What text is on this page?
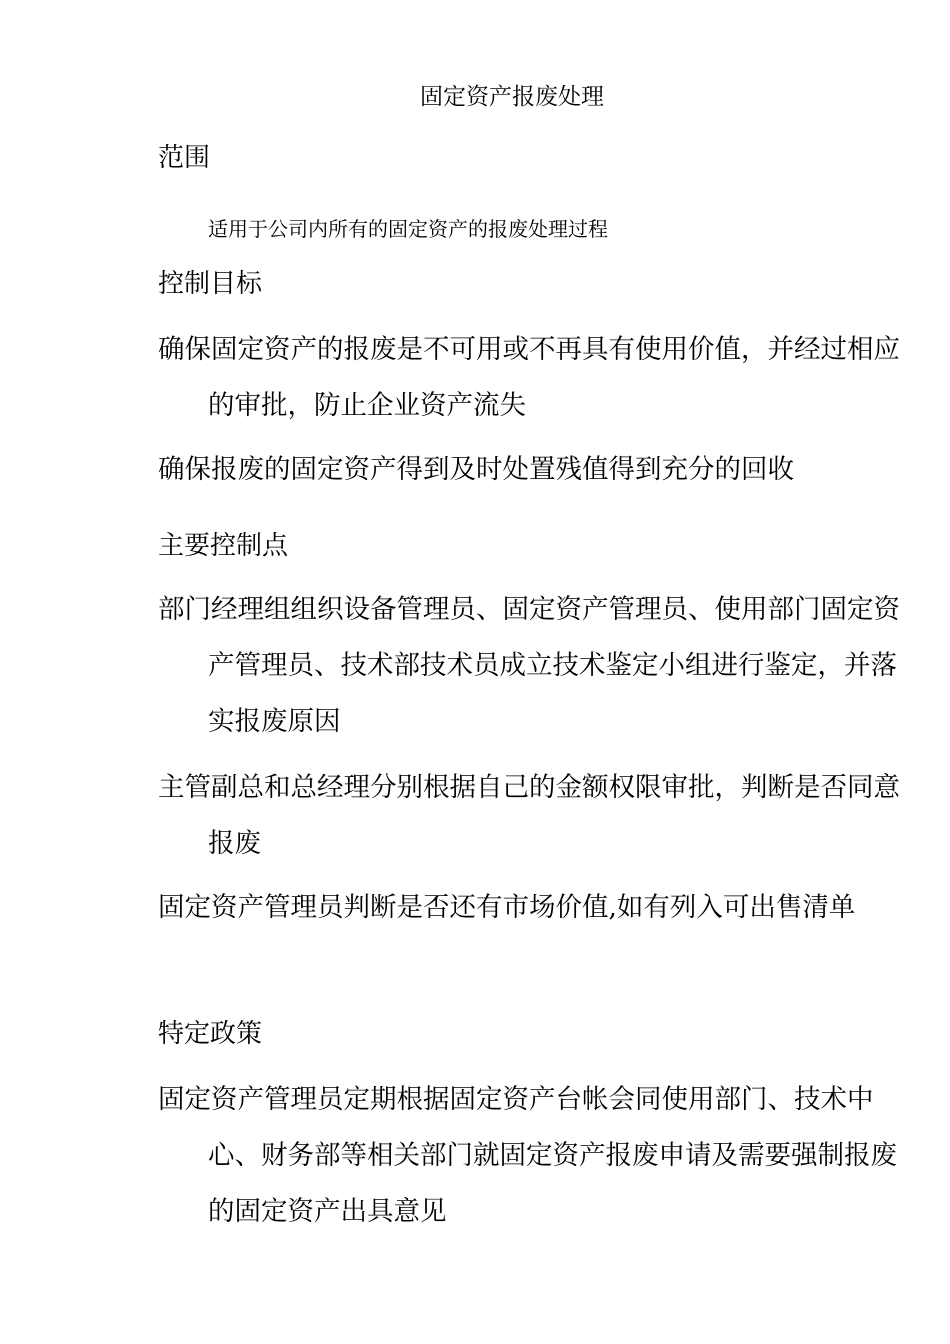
固定资产报废处理
范围
适用于公司内所有的固定资产的报废处理过程
控制目标

确保固定资产的报废是不可用或不再具有使用价值，并经过相应的审批，防止企业资产流失

确保报废的固定资产得到及时处置残值得到充分的回收

主要控制点

部门经理组组织设备管理员、固定资产管理员、使用部门固定资产管理员、技术部技术员成立技术鉴定小组进行鉴定，并落实报废原因

主管副总和总经理分别根据自己的金额权限审批，判断是否同意报废

固定资产管理员判断是否还有市场价值,如有列入可出售清单

特定政策

固定资产管理员定期根据固定资产台帐会同使用部门、技术中心、财务部等相关部门就固定资产报废申请及需要强制报废的固定资产出具意见
